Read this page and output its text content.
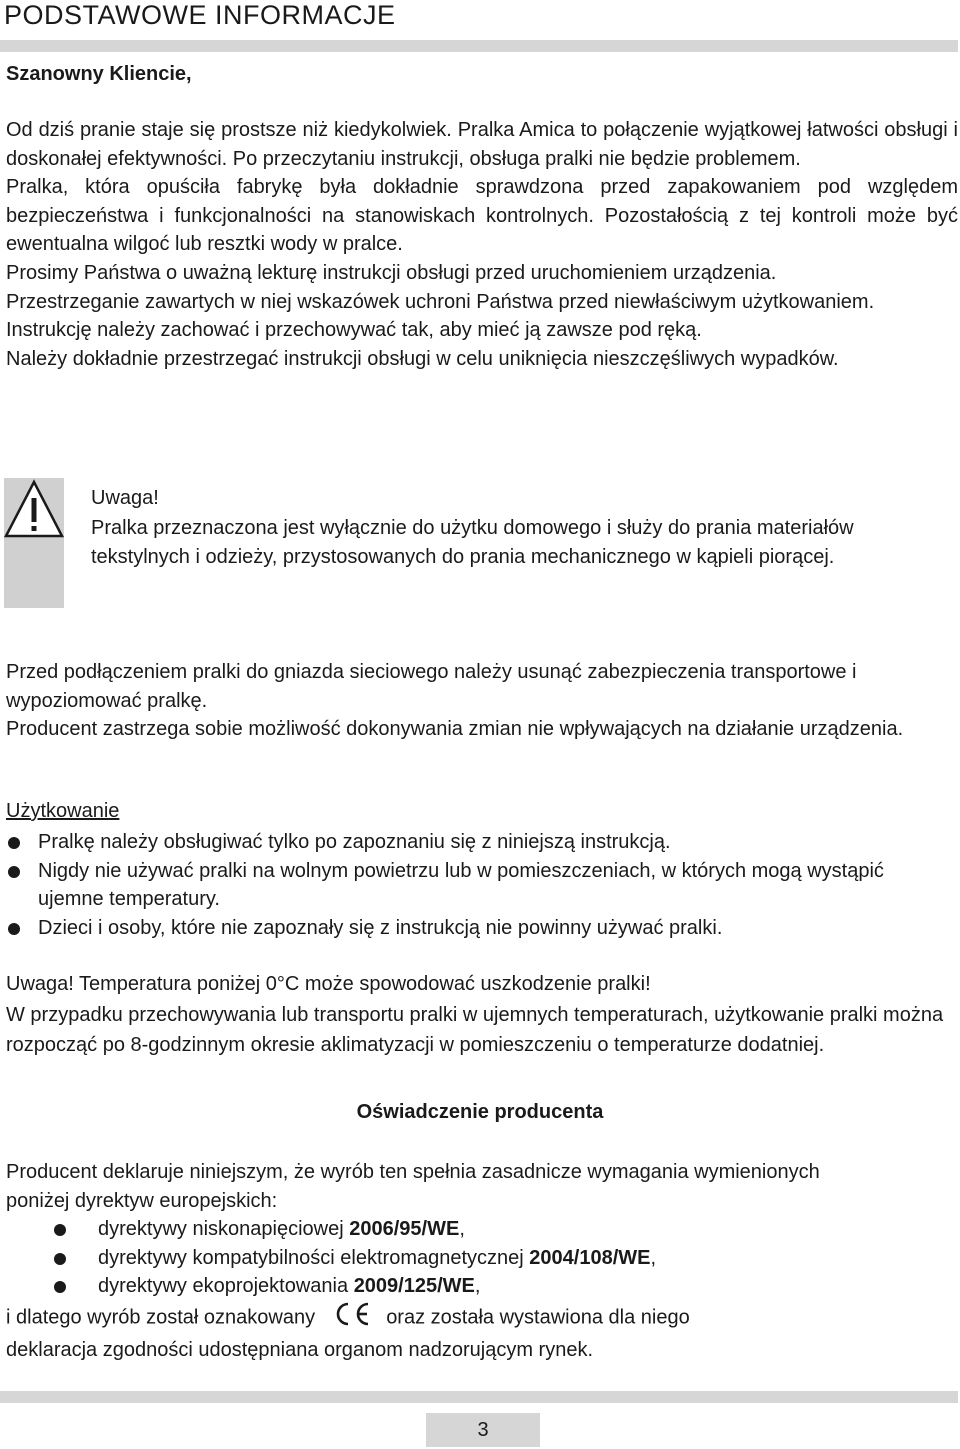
PODSTAWOWE INFORMACJE
Szanowny Kliencie,

Od dziś pranie staje się prostsze niż kiedykolwiek. Pralka Amica to połączenie wyjątkowej łatwości obsługi i doskonałej efektywności. Po przeczytaniu instrukcji, obsługa pralki nie będzie problemem.

Pralka, która opuściła fabrykę była dokładnie sprawdzona przed zapakowaniem pod względem bezpieczeństwa i funkcjonalności na stanowiskach kontrolnych. Pozostałością z tej kontroli może być ewentualna wilgoć lub resztki wody w pralce.

Prosimy Państwa o uważną lekturę instrukcji obsługi przed uruchomieniem urządzenia.

Przestrzeganie zawartych w niej wskazówek uchroni Państwa przed niewłaściwym użytkowaniem.

Instrukcję należy zachować i przechowywać tak, aby mieć ją zawsze pod ręką.

Należy dokładnie przestrzegać instrukcji obsługi w celu uniknięcia nieszczęśliwych wypadków.

Uwaga!

Pralka przeznaczona jest wyłącznie do użytku domowego i służy do prania materiałów tekstylnych i odzieży, przystosowanych do prania mechanicznego w kąpieli piorącej.

Przed podłączeniem pralki do gniazda sieciowego należy usunąć zabezpieczenia transportowe i wypoziomować pralkę.

Producent zastrzega sobie możliwość dokonywania zmian nie wpływających na działanie urządzenia.

Użytkowanie
Pralkę należy obsługiwać tylko po zapoznaniu się z niniejszą instrukcją.
Nigdy nie używać pralki na wolnym powietrzu lub w pomieszczeniach, w których mogą wystąpić ujemne temperatury.
Dzieci i osoby, które nie zapoznały się z instrukcją nie powinny używać pralki.

Uwaga! Temperatura poniżej 0°C może spowodować uszkodzenie pralki!

W przypadku przechowywania lub transportu pralki w ujemnych temperaturach, użytkowanie pralki można rozpocząć po 8-godzinnym okresie aklimatyzacji w pomieszczeniu o temperaturze dodatniej.

Oświadczenie producenta

Producent deklaruje niniejszym, że wyrób ten spełnia zasadnicze wymagania wymienionych poniżej dyrektyw europejskich:

dyrektywy niskonapięciowej 2006/95/WE,
dyrektywy kompatybilności elektromagnetycznej 2004/108/WE,
dyrektywy ekoprojektowania 2009/125/WE,

i dlatego wyrób został oznakowany	oraz została wystawiona dla niego

deklaracja zgodności udostępniana organom nadzorującym rynek.

3
